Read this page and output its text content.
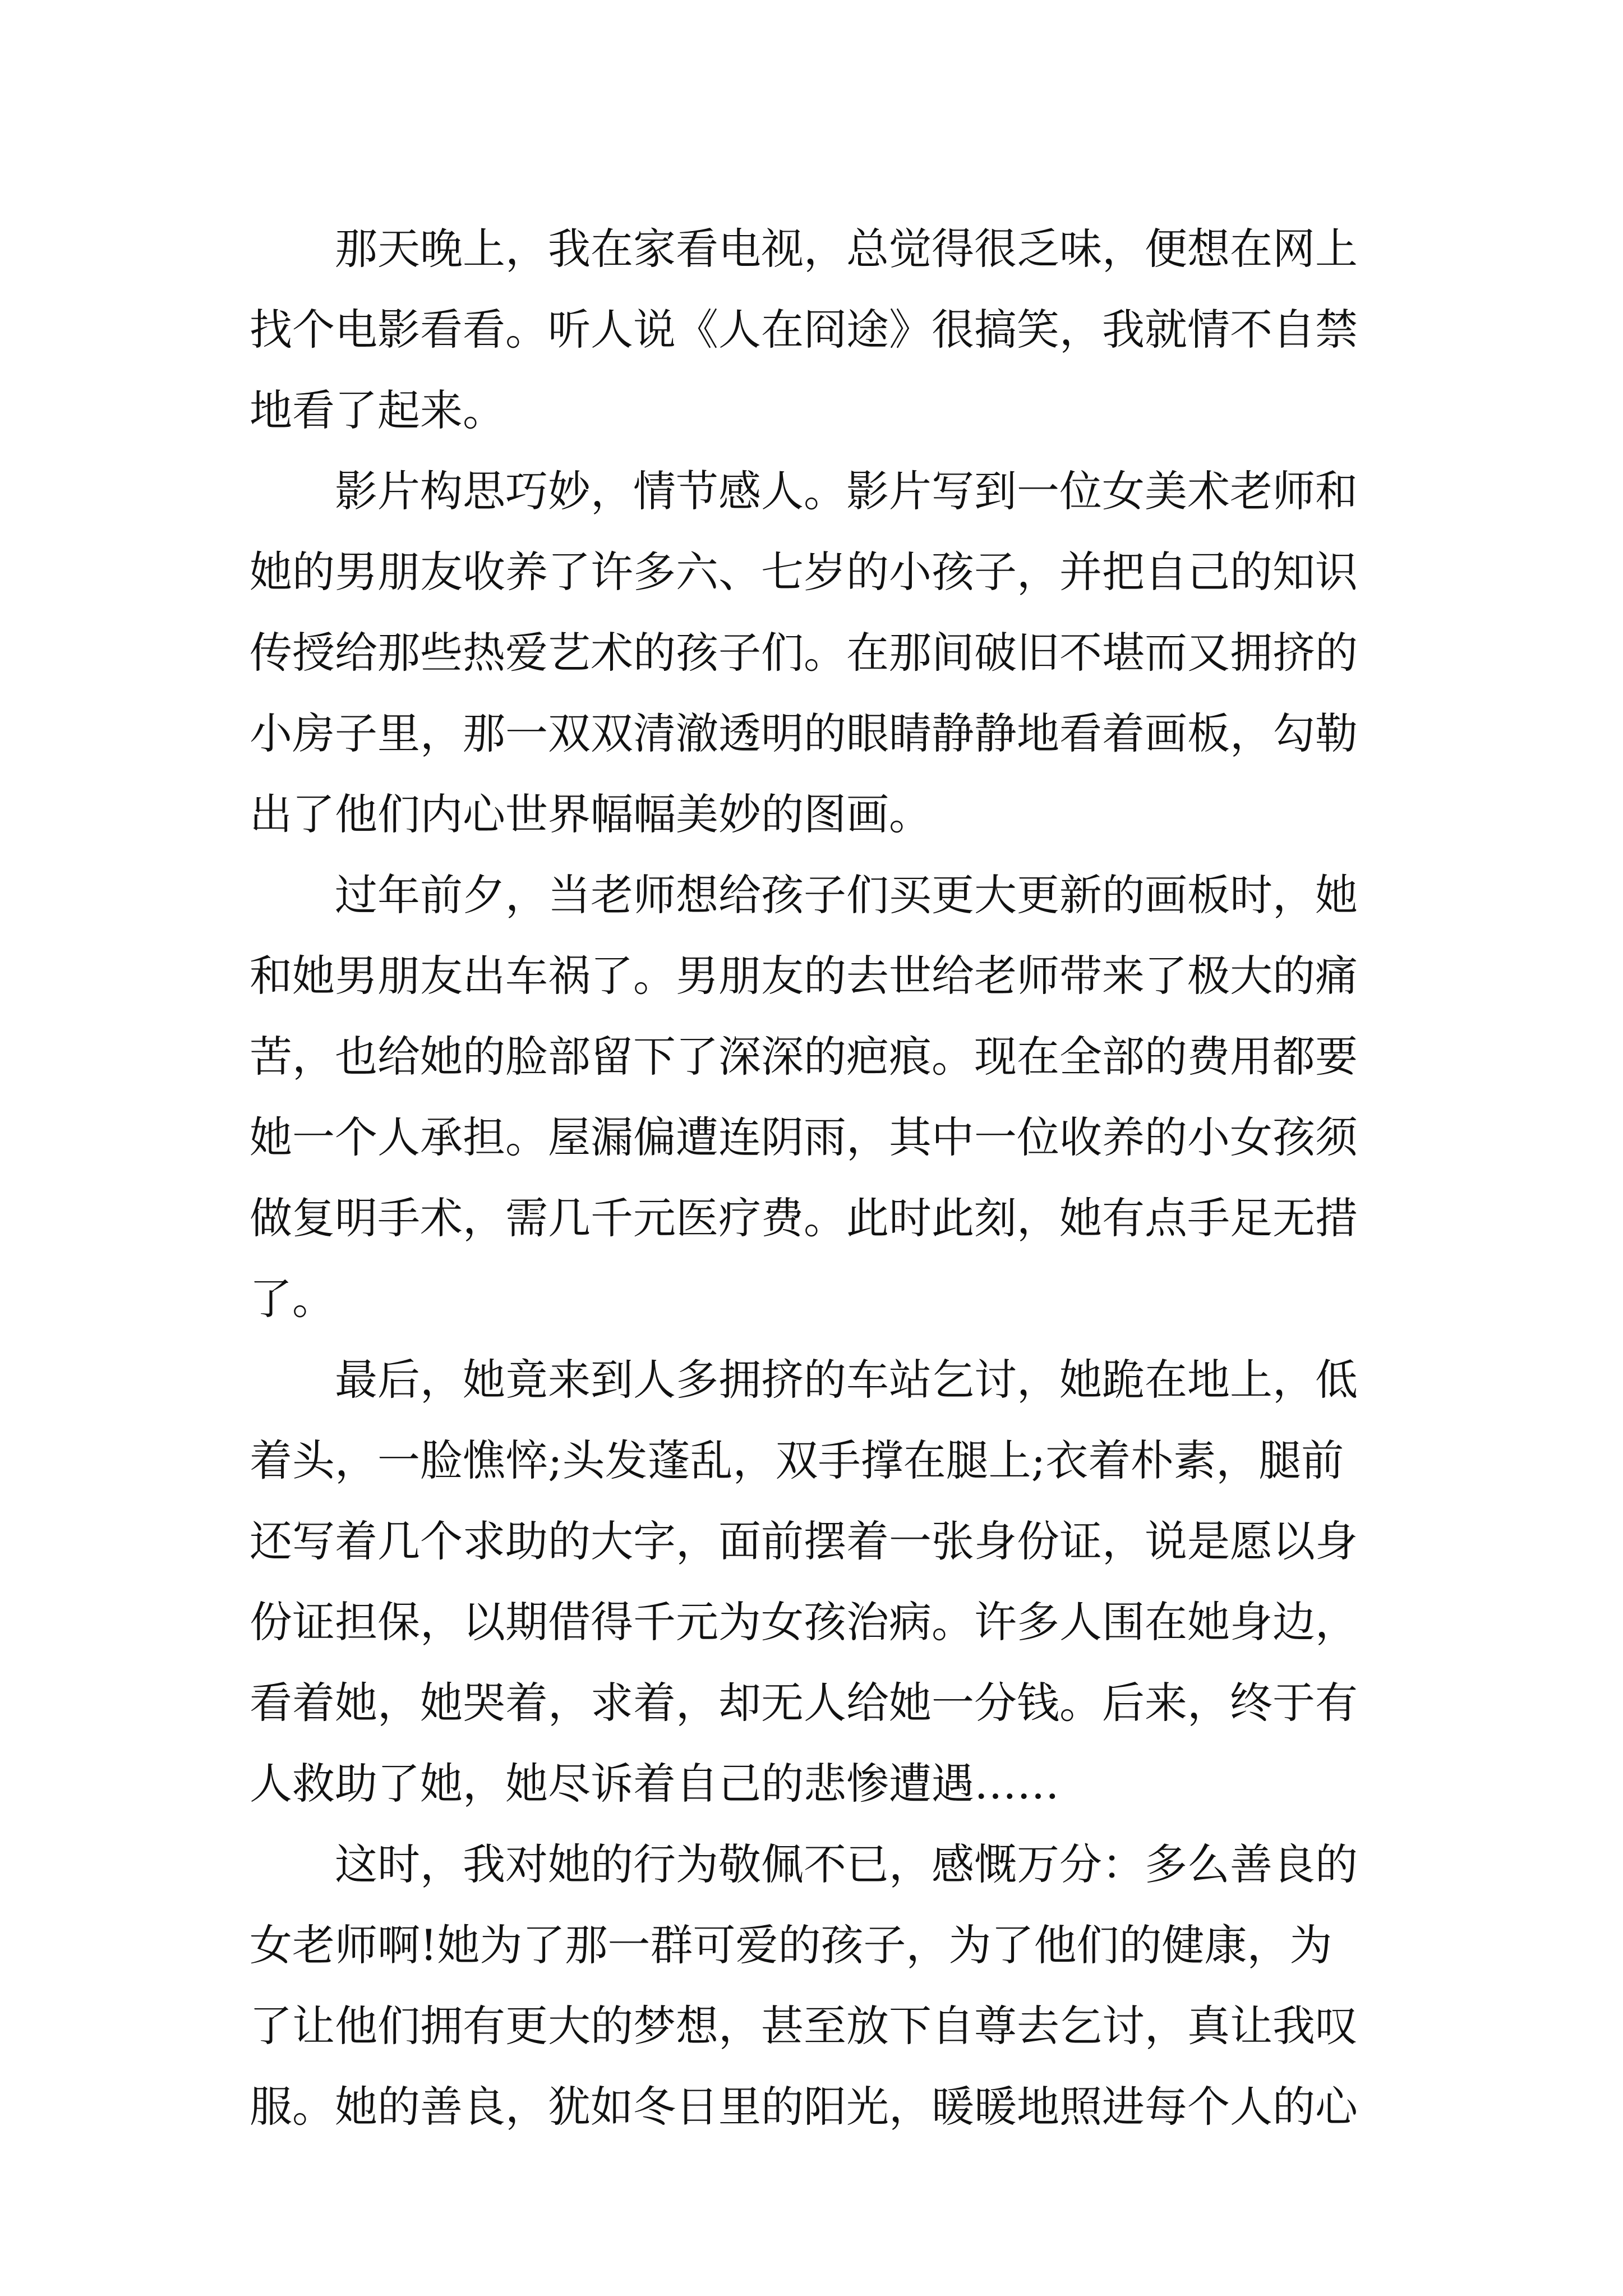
那天晚上，我在家看电视，总觉得很乏味，便想在网上
找个电影看看。听人说《人在冏途》很搞笑，我就情不自禁
地看了起来。
影片构思巧妙，情节感人。影片写到一位女美术老师和
她的男朋友收养了许多六、七岁的小孩子，并把自己的知识
传授给那些热爱艺术的孩子们。在那间破旧不堪而又拥挤的
小房子里，那一双双清澈透明的眼睛静静地看着画板，勾勒
出了他们内心世界幅幅美妙的图画。
过年前夕，当老师想给孩子们买更大更新的画板时，她
和她男朋友出车祸了。男朋友的去世给老师带来了极大的痛
苦，也给她的脸部留下了深深的疤痕。现在全部的费用都要
她一个人承担。屋漏偏遭连阴雨，其中一位收养的小女孩须
做复明手术，需几千元医疗费。此时此刻，她有点手足无措
了。
最后，她竟来到人多拥挤的车站乞讨，她跪在地上，低
着头，一脸憔悴;头发蓬乱，双手撑在腿上;衣着朴素，腿前
还写着几个求助的大字，面前摆着一张身份证，说是愿以身
份证担保，以期借得千元为女孩治病。许多人围在她身边，
看着她，她哭着，求着，却无人给她一分钱。后来，终于有
人救助了她，她尽诉着自己的悲惨遭遇……
这时，我对她的行为敬佩不已，感慨万分：多么善良的
女老师啊!她为了那一群可爱的孩子，为了他们的健康，为
了让他们拥有更大的梦想，甚至放下自尊去乞讨，真让我叹
服。她的善良，犹如冬日里的阳光，暖暖地照进每个人的心
